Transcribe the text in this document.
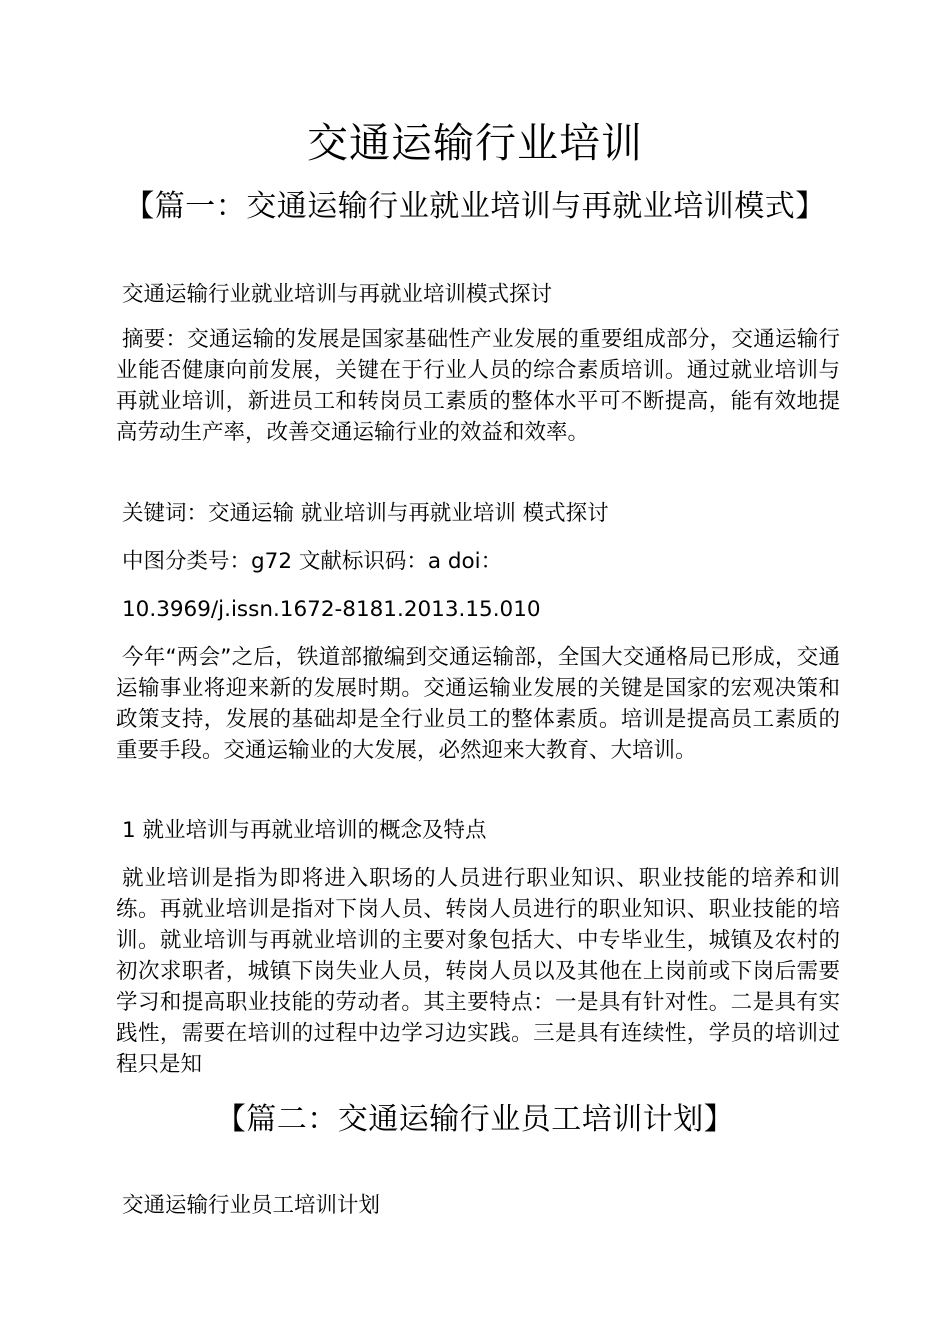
交通运输行业培训
【篇一：交通运输行业就业培训与再就业培训模式】

交通运输行业就业培训与再就业培训模式探讨

摘要：交通运输的发展是国家基础性产业发展的重要组成部分，交通运输行业能否健康向前发展，关键在于行业人员的综合素质培训。通过就业培训与再就业培训，新进员工和转岗员工素质的整体水平可不断提高，能有效地提高劳动生产率，改善交通运输行业的效益和效率。

关键词：交通运输 就业培训与再就业培训 模式探讨

中图分类号：g72 文献标识码：a doi：

10.3969/j.issn.1672-8181.2013.15.010

今年“两会”之后，铁道部撤编到交通运输部，全国大交通格局已形成，交通运输事业将迎来新的发展时期。交通运输业发展的关键是国家的宏观决策和政策支持，发展的基础却是全行业员工的整体素质。培训是提高员工素质的重要手段。交通运输业的大发展，必然迎来大教育、大培训。

1 就业培训与再就业培训的概念及特点

就业培训是指为即将进入职场的人员进行职业知识、职业技能的培养和训练。再就业培训是指对下岗人员、转岗人员进行的职业知识、职业技能的培训。就业培训与再就业培训的主要对象包括大、中专毕业生，城镇及农村的初次求职者，城镇下岗失业人员，转岗人员以及其他在上岗前或下岗后需要学习和提高职业技能的劳动者。其主要特点：一是具有针对性。二是具有实践性，需要在培训的过程中边学习边实践。三是具有连续性，学员的培训过程只是知

【篇二：交通运输行业员工培训计划】

交通运输行业员工培训计划
